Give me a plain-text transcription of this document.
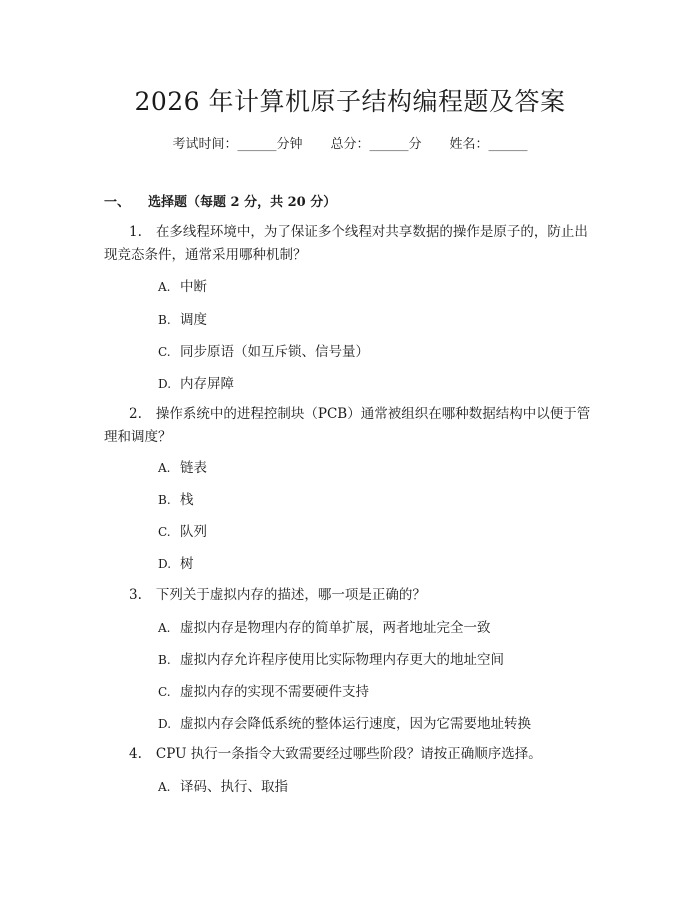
2026 年计算机原子结构编程题及答案
考试时间：______分钟 总分：______分 姓名：______
一、 选择题（每题 2 分，共 20 分）
1. 在多线程环境中，为了保证多个线程对共享数据的操作是原子的，防止出现竞态条件，通常采用哪种机制？
A. 中断
B. 调度
C. 同步原语（如互斥锁、信号量）
D. 内存屏障
2. 操作系统中的进程控制块（PCB）通常被组织在哪种数据结构中以便于管理和调度？
A. 链表
B. 栈
C. 队列
D. 树
3. 下列关于虚拟内存的描述，哪一项是正确的？
A. 虚拟内存是物理内存的简单扩展，两者地址完全一致
B. 虚拟内存允许程序使用比实际物理内存更大的地址空间
C. 虚拟内存的实现不需要硬件支持
D. 虚拟内存会降低系统的整体运行速度，因为它需要地址转换
4. CPU 执行一条指令大致需要经过哪些阶段？请按正确顺序选择。
A. 译码、执行、取指
